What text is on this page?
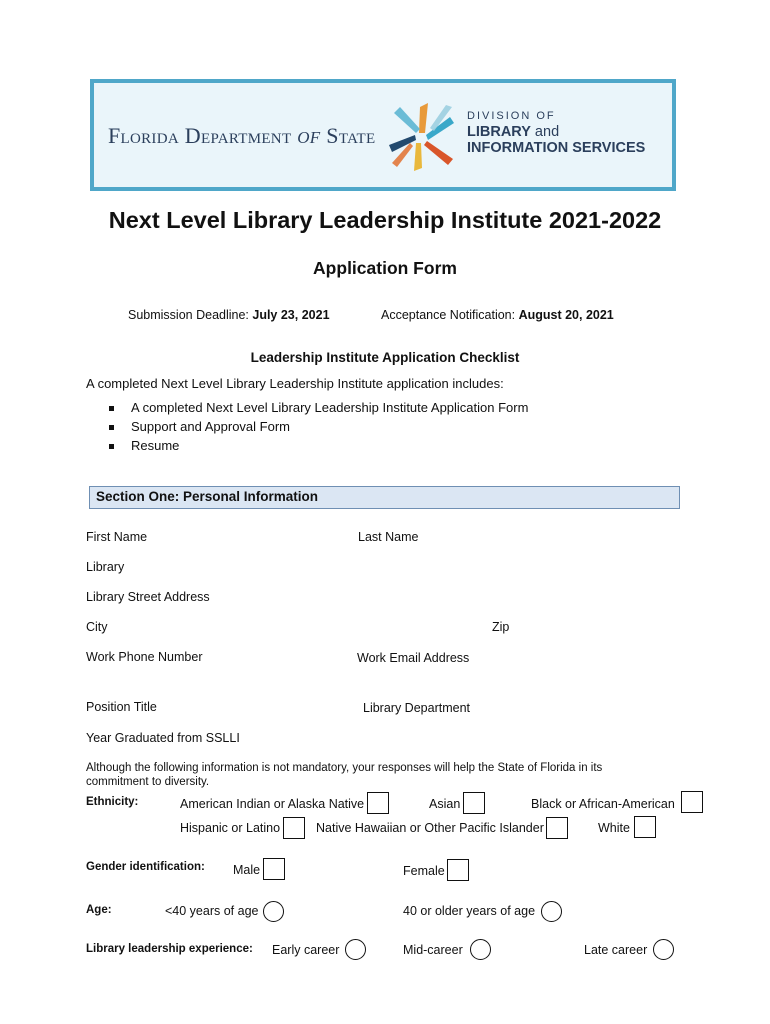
Florida Department of State
DIVISION OF
LIBRARY and
INFORMATION SERVICES
Next Level Library Leadership Institute 2021-2022
Application Form
Submission Deadline: July 23, 2021	Acceptance Notification: August 20, 2021
Leadership Institute Application Checklist
A completed Next Level Library Leadership Institute application includes:
A completed Next Level Library Leadership Institute Application Form
Support and Approval Form
Resume
Section One: Personal Information
First Name	Last Name
Library
Library Street Address
City	Zip
Work Phone Number	Work Email Address
Position Title	Library Department
Year Graduated from SSLLI
Although the following information is not mandatory, your responses will help the State of Florida in its commitment to diversity.
Ethnicity:	American Indian or Alaska Native	Asian	Black or African-American
Hispanic or Latino	Native Hawaiian or Other Pacific Islander	White
Gender identification: Male	Female
Age:	<40 years of age	40 or older years of age
Library leadership experience: Early career	Mid-career	Late career
